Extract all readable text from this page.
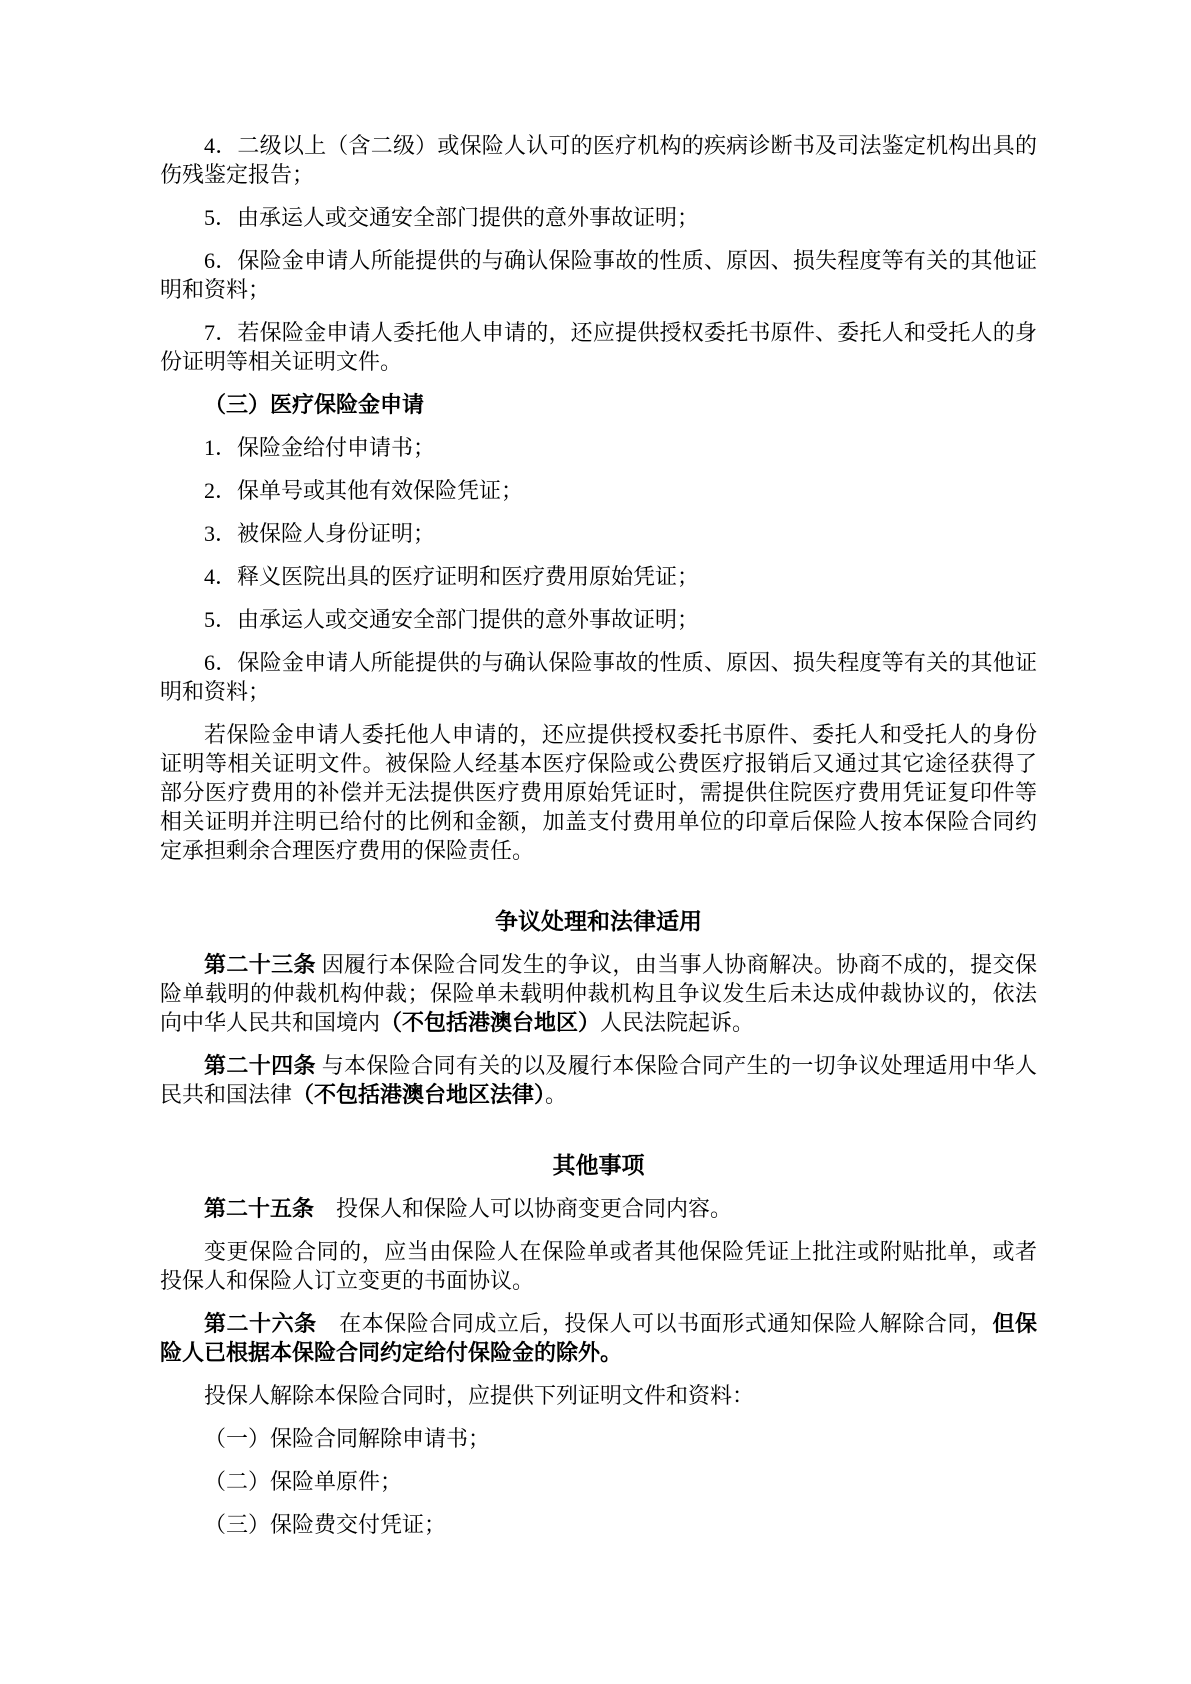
4．二级以上（含二级）或保险人认可的医疗机构的疾病诊断书及司法鉴定机构出具的伤残鉴定报告；

5．由承运人或交通安全部门提供的意外事故证明；

6．保险金申请人所能提供的与确认保险事故的性质、原因、损失程度等有关的其他证明和资料；

7．若保险金申请人委托他人申请的，还应提供授权委托书原件、委托人和受托人的身份证明等相关证明文件。

（三）医疗保险金申请

1．保险金给付申请书；

2．保单号或其他有效保险凭证；

3．被保险人身份证明；

4．释义医院出具的医疗证明和医疗费用原始凭证；

5．由承运人或交通安全部门提供的意外事故证明；

6．保险金申请人所能提供的与确认保险事故的性质、原因、损失程度等有关的其他证明和资料；

若保险金申请人委托他人申请的，还应提供授权委托书原件、委托人和受托人的身份证明等相关证明文件。被保险人经基本医疗保险或公费医疗报销后又通过其它途径获得了部分医疗费用的补偿并无法提供医疗费用原始凭证时，需提供住院医疗费用凭证复印件等相关证明并注明已给付的比例和金额，加盖支付费用单位的印章后保险人按本保险合同约定承担剩余合理医疗费用的保险责任。

争议处理和法律适用

第二十三条 因履行本保险合同发生的争议，由当事人协商解决。协商不成的，提交保险单载明的仲裁机构仲裁；保险单未载明仲裁机构且争议发生后未达成仲裁协议的，依法向中华人民共和国境内（不包括港澳台地区）人民法院起诉。

第二十四条 与本保险合同有关的以及履行本保险合同产生的一切争议处理适用中华人民共和国法律（不包括港澳台地区法律）。

其他事项

第二十五条　投保人和保险人可以协商变更合同内容。

变更保险合同的，应当由保险人在保险单或者其他保险凭证上批注或附贴批单，或者投保人和保险人订立变更的书面协议。

第二十六条　在本保险合同成立后，投保人可以书面形式通知保险人解除合同，但保险人已根据本保险合同约定给付保险金的除外。

投保人解除本保险合同时，应提供下列证明文件和资料：

（一）保险合同解除申请书；

（二）保险单原件；

（三）保险费交付凭证；
